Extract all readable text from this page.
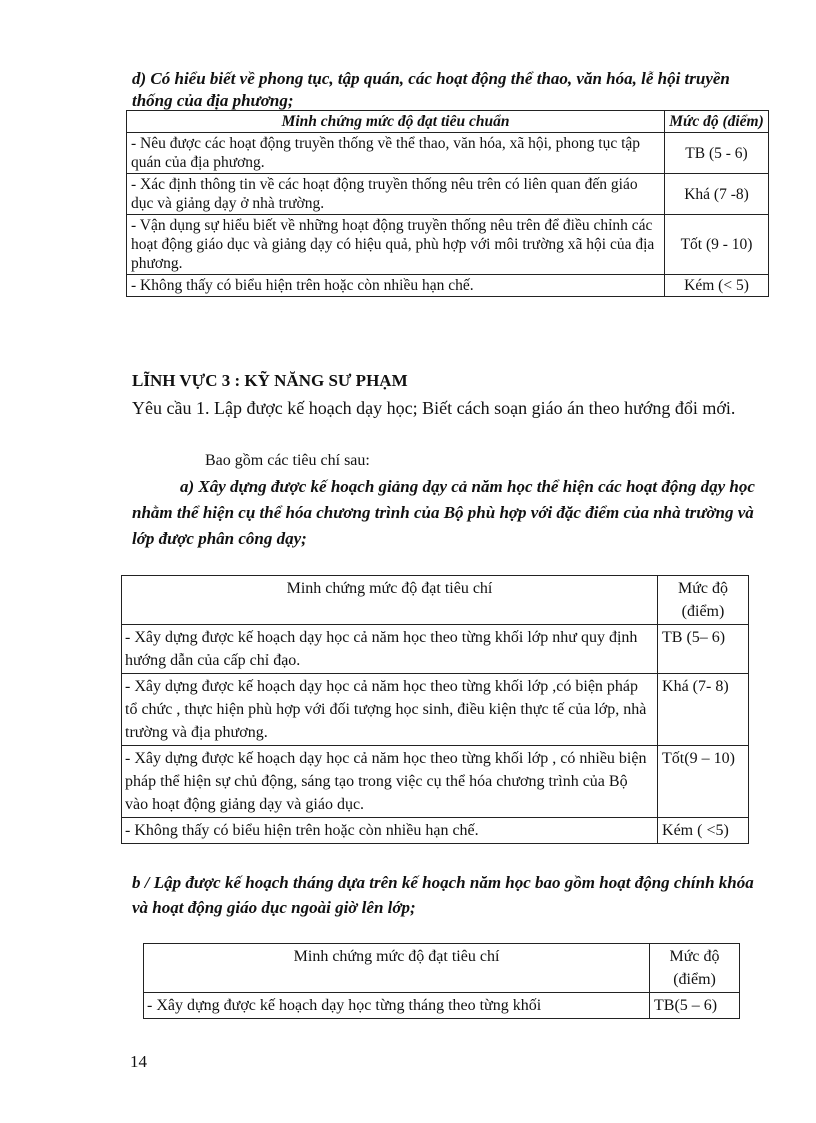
d) Có hiểu biết về phong tục, tập quán, các hoạt động thể thao, văn hóa, lễ hội truyền thống của địa phương;
Minh chứng mức độ đạt tiêu chuẩn	Mức độ (điểm)
- Nêu được các hoạt động truyền thống về thể thao, văn hóa, xã hội, phong tục tập quán của địa phương.	TB (5 - 6)
- Xác định thông tin về các hoạt động truyền thống nêu trên có liên quan đến giáo dục và giảng dạy ở nhà trường.	Khá (7 -8)
- Vận dụng sự hiểu biết về những hoạt động truyền thống nêu trên để điều chỉnh các hoạt động giáo dục và giảng dạy có hiệu quả, phù hợp với môi trường xã hội của địa phương.	Tốt (9 - 10)
- Không thấy có biểu hiện trên hoặc còn nhiều hạn chế.	Kém (< 5)
LĨNH VỰC 3 : KỸ NĂNG SƯ PHẠM
Yêu cầu 1. Lập được kế hoạch dạy học; Biết cách soạn giáo án theo hướng đổi mới.
Bao gồm các tiêu chí sau:
a) Xây dựng được kế hoạch giảng dạy cả năm học thể hiện các hoạt động dạy học nhằm thể hiện cụ thể hóa chương trình của Bộ phù hợp với đặc điểm của nhà trường và lớp được phân công dạy;
Minh chứng mức độ đạt tiêu chí	Mức độ (điểm)
- Xây dựng được kế hoạch dạy học cả năm học theo từng khối lớp như quy định hướng dẫn của cấp chỉ đạo.	TB (5– 6)
- Xây dựng được kế hoạch dạy học cả năm học theo từng khối lớp ,có biện pháp tổ chức , thực hiện phù hợp với đối tượng học sinh, điều kiện thực tế của lớp, nhà trường và địa phương.	Khá (7- 8)
- Xây dựng được kế hoạch dạy học cả năm học theo từng khối lớp , có nhiều biện pháp thể hiện sự chủ động, sáng tạo trong việc cụ thể hóa chương trình của Bộ vào hoạt động giảng dạy và giáo dục.	Tốt(9 – 10)
- Không thấy có biểu hiện trên hoặc còn nhiều hạn chế.	Kém ( <5)
b / Lập được kế hoạch tháng dựa trên kế hoạch năm học bao gồm hoạt động chính khóa và hoạt động giáo dục ngoài giờ lên lớp;
Minh chứng mức độ đạt tiêu chí	Mức độ (điểm)
- Xây dựng được kế hoạch dạy học từng tháng theo từng khối	TB(5 – 6)
14
